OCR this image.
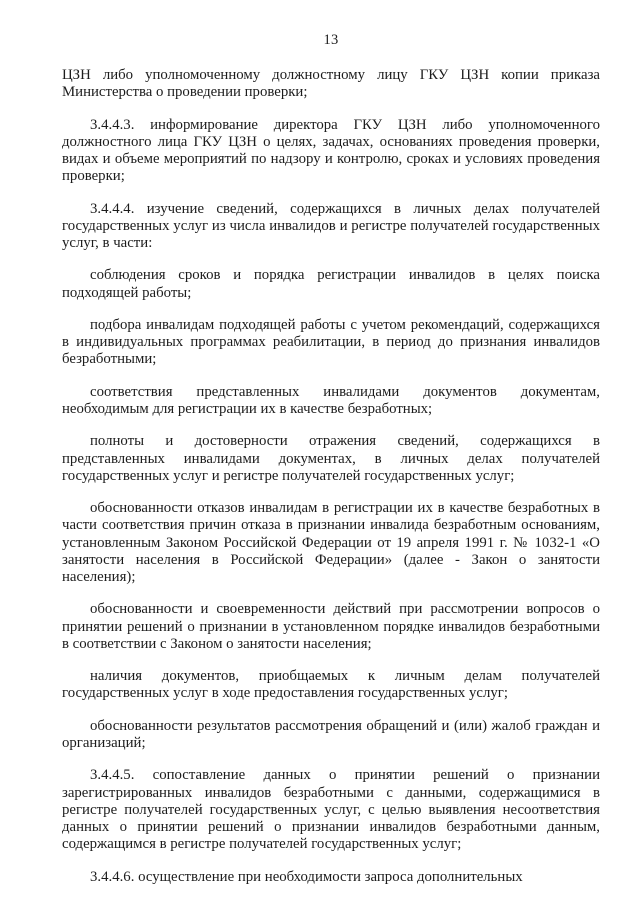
13

ЦЗН либо уполномоченному должностному лицу ГКУ ЦЗН копии приказа Министерства о проведении проверки;

3.4.4.3. информирование директора ГКУ ЦЗН либо уполномоченного должностного лица ГКУ ЦЗН о целях, задачах, основаниях проведения проверки, видах и объеме мероприятий по надзору и контролю, сроках и условиях проведения проверки;

3.4.4.4. изучение сведений, содержащихся в личных делах получателей государственных услуг из числа инвалидов и регистре получателей государственных услуг, в части:

соблюдения сроков и порядка регистрации инвалидов в целях поиска подходящей работы;

подбора инвалидам подходящей работы с учетом рекомендаций, содержащихся в индивидуальных программах реабилитации, в период до признания инвалидов безработными;

соответствия представленных инвалидами документов документам, необходимым для регистрации их в качестве безработных;

полноты и достоверности отражения сведений, содержащихся в представленных инвалидами документах, в личных делах получателей государственных услуг и регистре получателей государственных услуг;

обоснованности отказов инвалидам в регистрации их в качестве безработных в части соответствия причин отказа в признании инвалида безработным основаниям, установленным Законом Российской Федерации от 19 апреля 1991 г. № 1032-1 «О занятости населения в Российской Федерации» (далее - Закон о занятости населения);

обоснованности и своевременности действий при рассмотрении вопросов о принятии решений о признании в установленном порядке инвалидов безработными в соответствии с Законом о занятости населения;

наличия документов, приобщаемых к личным делам получателей государственных услуг в ходе предоставления государственных услуг;

обоснованности результатов рассмотрения обращений и (или) жалоб граждан и организаций;

3.4.4.5. сопоставление данных о принятии решений о признании зарегистрированных инвалидов безработными с данными, содержащимися в регистре получателей государственных услуг, с целью выявления несоответствия данных о принятии решений о признании инвалидов безработными данным, содержащимся в регистре получателей государственных услуг;

3.4.4.6. осуществление при необходимости запроса дополнительных
